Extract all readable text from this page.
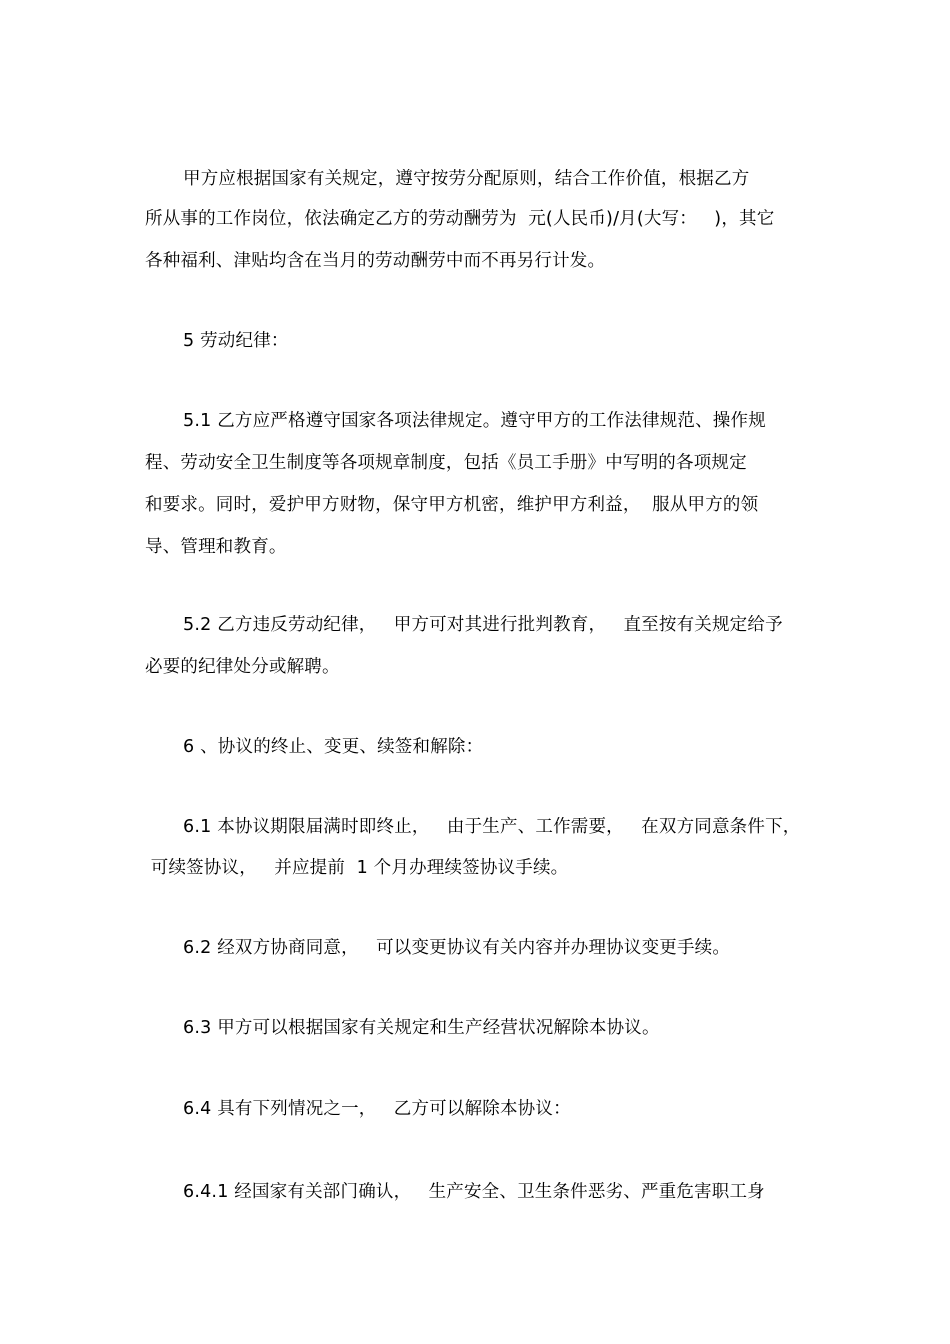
甲方应根据国家有关规定，遵守按劳分配原则，结合工作价值，根据乙方
所从事的工作岗位，依法确定乙方的劳动酬劳为  元(人民币)/月(大写：   )，其它
各种福利、津贴均含在当月的劳动酬劳中而不再另行计发。
5 劳动纪律：
5.1 乙方应严格遵守国家各项法律规定。遵守甲方的工作法律规范、操作规
程、劳动安全卫生制度等各项规章制度，包括《员工手册》中写明的各项规定
和要求。同时，爱护甲方财物，保守甲方机密，维护甲方利益，  服从甲方的领
导、管理和教育。
5.2 乙方违反劳动纪律，   甲方可对其进行批判教育，   直至按有关规定给予
必要的纪律处分或解聘。
6 、协议的终止、变更、续签和解除：
6.1 本协议期限届满时即终止，   由于生产、工作需要，   在双方同意条件下，
可续签协议，   并应提前  1 个月办理续签协议手续。
6.2 经双方协商同意，   可以变更协议有关内容并办理协议变更手续。
6.3 甲方可以根据国家有关规定和生产经营状况解除本协议。
6.4 具有下列情况之一，   乙方可以解除本协议：
6.4.1 经国家有关部门确认，   生产安全、卫生条件恶劣、严重危害职工身
